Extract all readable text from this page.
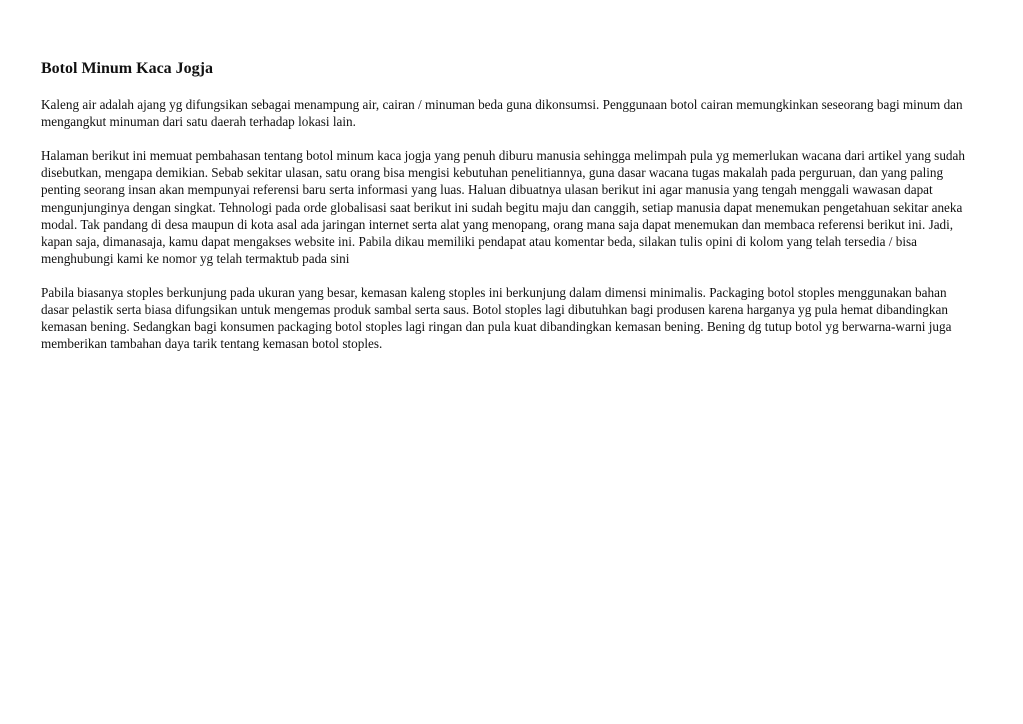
Botol Minum Kaca Jogja

Kaleng air adalah ajang yg difungsikan sebagai menampung air, cairan / minuman beda guna dikonsumsi. Penggunaan botol cairan memungkinkan seseorang bagi minum dan mengangkut minuman dari satu daerah terhadap lokasi lain.

Halaman berikut ini memuat pembahasan tentang botol minum kaca jogja yang penuh diburu manusia sehingga melimpah pula yg memerlukan wacana dari artikel yang sudah disebutkan, mengapa demikian. Sebab sekitar ulasan, satu orang bisa mengisi kebutuhan penelitiannya, guna dasar wacana tugas makalah pada perguruan, dan yang paling penting seorang insan akan mempunyai referensi baru serta informasi yang luas. Haluan dibuatnya ulasan berikut ini agar manusia yang tengah menggali wawasan dapat mengunjunginya dengan singkat. Tehnologi pada orde globalisasi saat berikut ini sudah begitu maju dan canggih, setiap manusia dapat menemukan pengetahuan sekitar aneka modal. Tak pandang di desa maupun di kota asal ada jaringan internet serta alat yang menopang, orang mana saja dapat menemukan dan membaca referensi berikut ini. Jadi, kapan saja, dimanasaja, kamu dapat mengakses website ini. Pabila dikau memiliki pendapat atau komentar beda, silakan tulis opini di kolom yang telah tersedia / bisa menghubungi kami ke nomor yg telah termaktub pada sini

Pabila biasanya stoples berkunjung pada ukuran yang besar, kemasan kaleng stoples ini berkunjung dalam dimensi minimalis. Packaging botol stoples menggunakan bahan dasar pelastik serta biasa difungsikan untuk mengemas produk sambal serta saus. Botol stoples lagi dibutuhkan bagi produsen karena harganya yg pula hemat dibandingkan kemasan bening. Sedangkan bagi konsumen packaging botol stoples lagi ringan dan pula kuat dibandingkan kemasan bening. Bening dg tutup botol yg berwarna-warni juga memberikan tambahan daya tarik tentang kemasan botol stoples.
